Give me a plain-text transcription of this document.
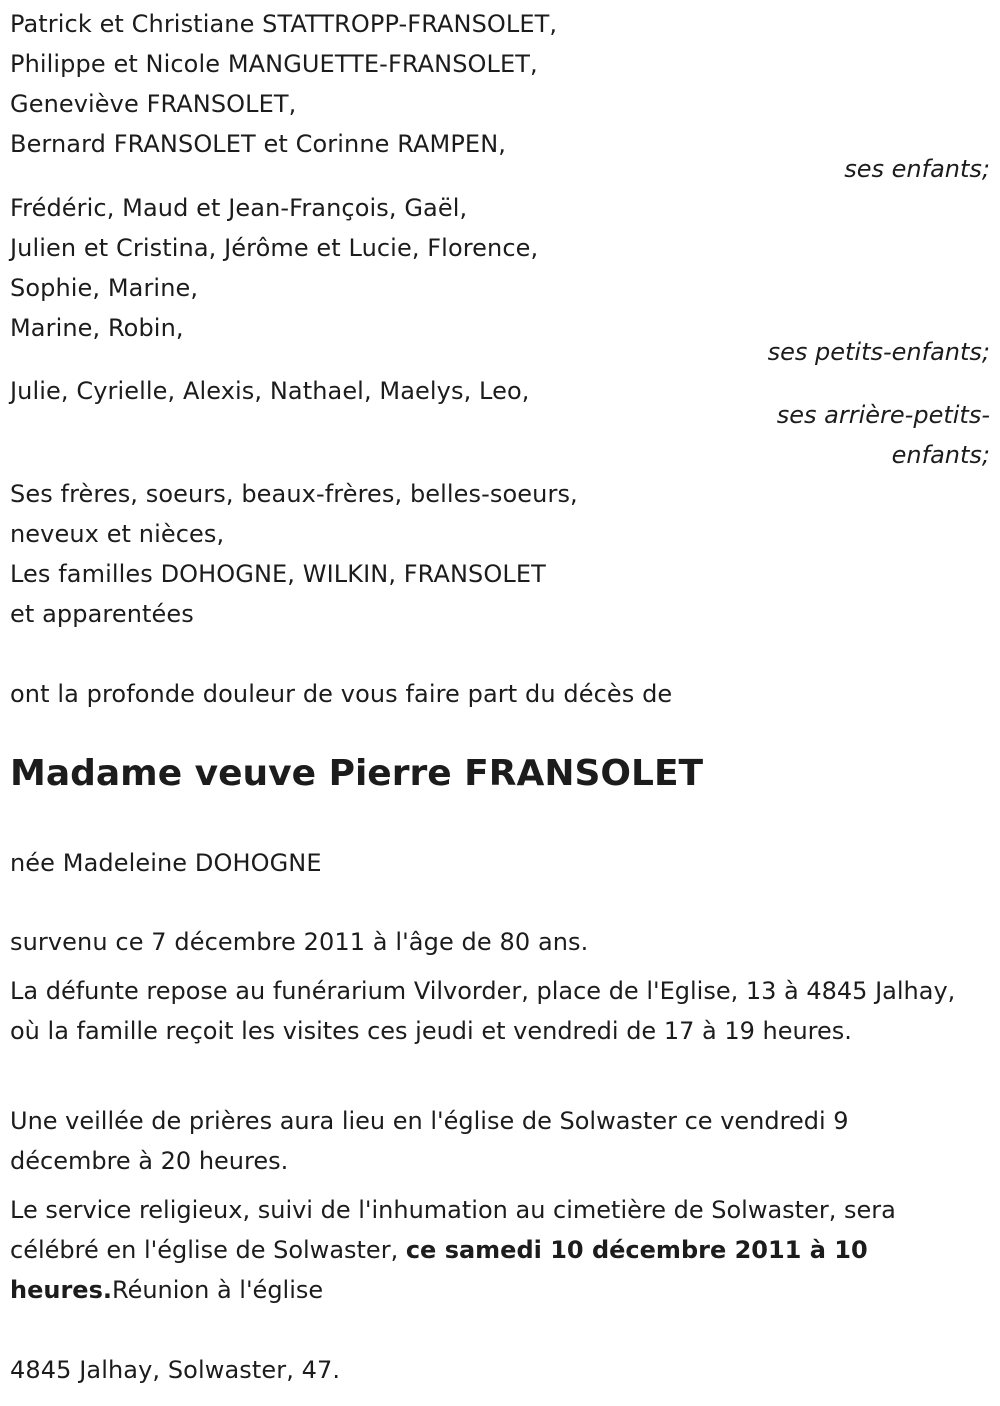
Patrick et Christiane STATTROPP-FRANSOLET,
Philippe et Nicole MANGUETTE-FRANSOLET,
Geneviève FRANSOLET,
Bernard FRANSOLET et Corinne RAMPEN,
ses enfants;
Frédéric, Maud et Jean-François, Gaël,
Julien et Cristina, Jérôme et Lucie, Florence,
Sophie, Marine,
Marine, Robin,
ses petits-enfants;
Julie, Cyrielle, Alexis, Nathael, Maelys, Leo,
ses arrière-petits-
enfants;
Ses frères, soeurs, beaux-frères, belles-soeurs,
neveux et nièces,
Les familles DOHOGNE, WILKIN, FRANSOLET
et apparentées
ont la profonde douleur de vous faire part du décès de
Madame veuve Pierre FRANSOLET
née Madeleine DOHOGNE
survenu ce 7 décembre 2011 à l'âge de 80 ans.
La défunte repose au funérarium Vilvorder, place de l'Eglise, 13 à 4845 Jalhay, où la famille reçoit les visites ces jeudi et vendredi de 17 à 19 heures.
Une veillée de prières aura lieu en l'église de Solwaster ce vendredi 9 décembre à 20 heures.
Le service religieux, suivi de l'inhumation au cimetière de Solwaster, sera célébré en l'église de Solwaster, ce samedi 10 décembre 2011 à 10 heures.Réunion à l'église
4845 Jalhay, Solwaster, 47.
